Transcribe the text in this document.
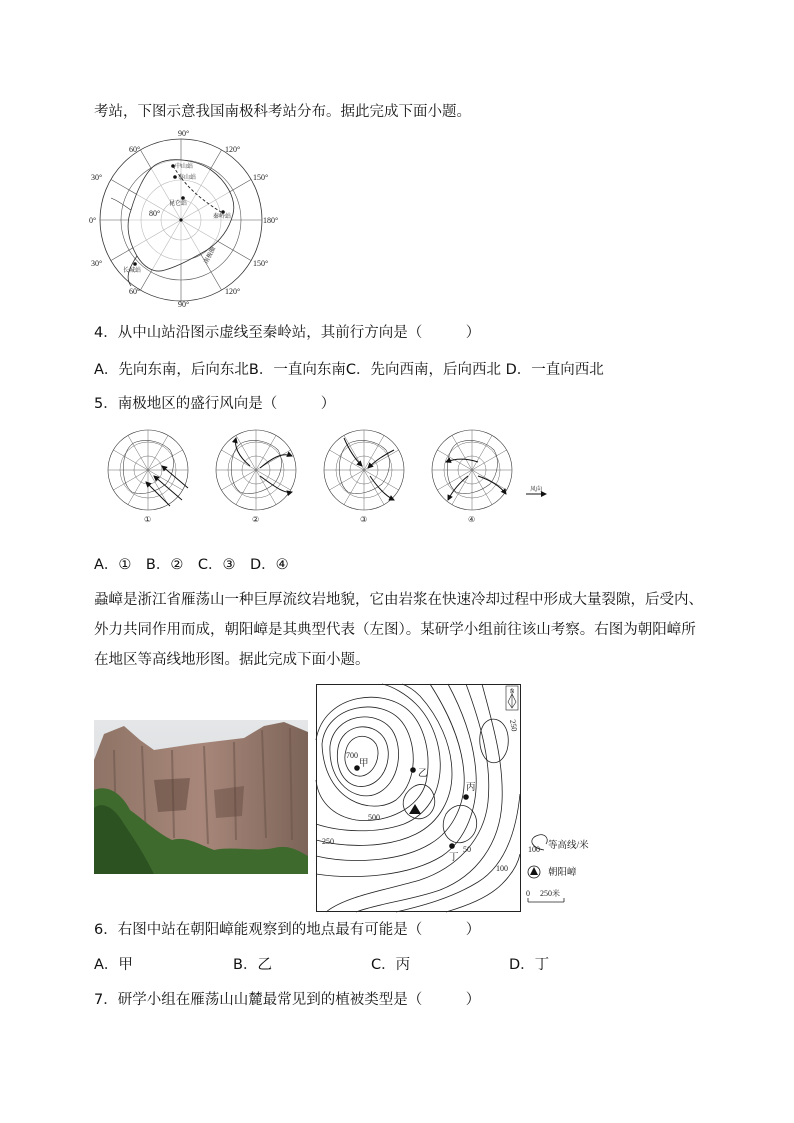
考站，下图示意我国南极科考站分布。据此完成下面小题。
90°
60°	120°
30°	150°
0°	180°
30°	150°
60°	120°
90°
80°
中山站
泰山站
昆仑站
秦岭站
长城站
南极圈
4．从中山站沿图示虚线至秦岭站，其前行方向是（　　　）
A．先向东南，后向东北B．一直向东南C．先向西南，后向西北 D．一直向西北
5．南极地区的盛行风向是（　　　）
①	②	③	④
风向
A．①　B．②　C．③　D．④
蝨嶂是浙江省雁荡山一种巨厚流纹岩地貌，它由岩浆在快速冷却过程中形成大量裂隙，后受内、外力共同作用而成，朝阳嶂是其典型代表（左图）。某研学小组前往该山考察。右图为朝阳嶂所在地区等高线地形图。据此完成下面小题。
N
甲
乙
丙
丁
700
500
250
250
50
100
100 等高线/米
朝阳嶂
0 250米
6．右图中站在朝阳嶂能观察到的地点最有可能是（　　　）
A．甲	B．乙	C．丙	D．丁
7．研学小组在雁荡山山麓最常见到的植被类型是（　　　）
